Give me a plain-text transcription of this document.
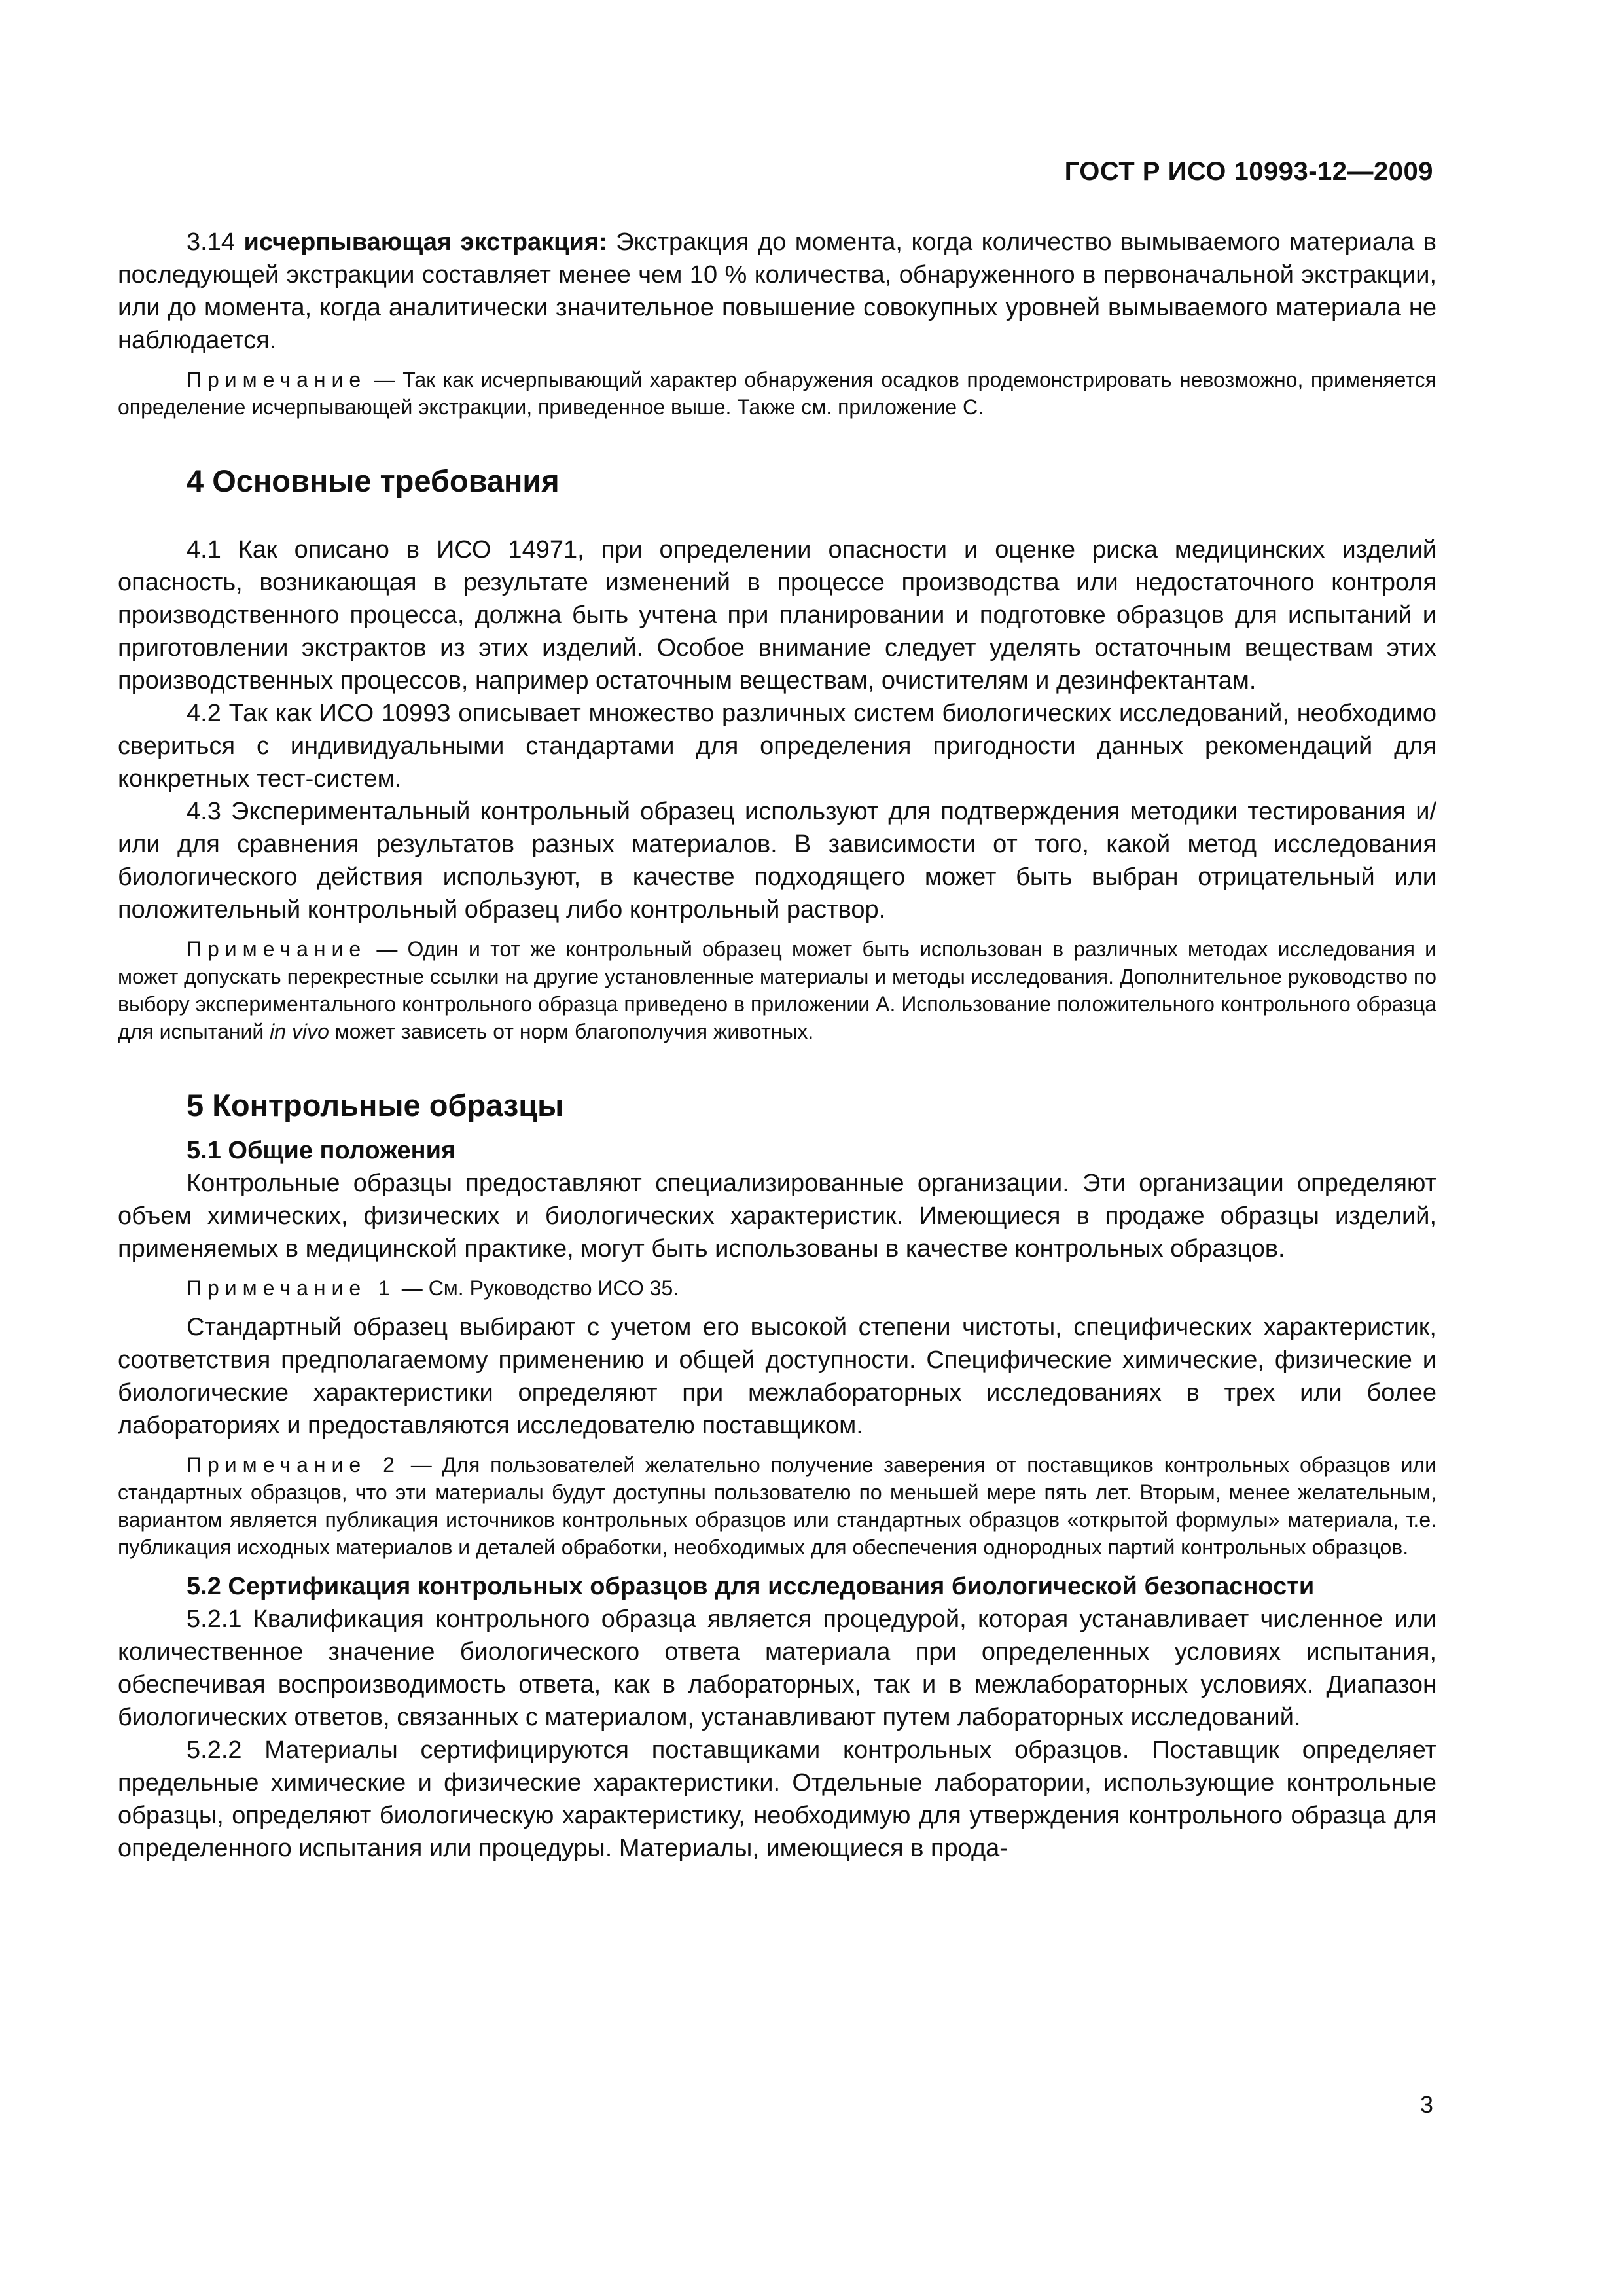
ГОСТ Р ИСО 10993-12—2009

3.14 исчерпывающая экстракция: Экстракция до момента, когда количество вымываемого материала в последующей экстракции составляет менее чем 10 % количества, обнаруженного в первоначальной экстракции, или до момента, когда аналитически значительное повышение совокупных уровней вымываемого материала не наблюдается.

Примечание — Так как исчерпывающий характер обнаружения осадков продемонстрировать невозможно, применяется определение исчерпывающей экстракции, приведенное выше. Также см. приложение С.

4 Основные требования

4.1 Как описано в ИСО 14971, при определении опасности и оценке риска медицинских изделий опасность, возникающая в результате изменений в процессе производства или недостаточного контроля производственного процесса, должна быть учтена при планировании и подготовке образцов для испытаний и приготовлении экстрактов из этих изделий. Особое внимание следует уделять остаточным веществам этих производственных процессов, например остаточным веществам, очистителям и дезинфектантам.

4.2 Так как ИСО 10993 описывает множество различных систем биологических исследований, необходимо свериться с индивидуальными стандартами для определения пригодности данных рекомендаций для конкретных тест-систем.

4.3 Экспериментальный контрольный образец используют для подтверждения методики тестирования и/или для сравнения результатов разных материалов. В зависимости от того, какой метод исследования биологического действия используют, в качестве подходящего может быть выбран отрицательный или положительный контрольный образец либо контрольный раствор.

Примечание — Один и тот же контрольный образец может быть использован в различных методах исследования и может допускать перекрестные ссылки на другие установленные материалы и методы исследования. Дополнительное руководство по выбору экспериментального контрольного образца приведено в приложении А. Использование положительного контрольного образца для испытаний in vivo может зависеть от норм благополучия животных.

5 Контрольные образцы
5.1 Общие положения

Контрольные образцы предоставляют специализированные организации. Эти организации определяют объем химических, физических и биологических характеристик. Имеющиеся в продаже образцы изделий, применяемых в медицинской практике, могут быть использованы в качестве контрольных образцов.

Примечание 1 — См. Руководство ИСО 35.

Стандартный образец выбирают с учетом его высокой степени чистоты, специфических характеристик, соответствия предполагаемому применению и общей доступности. Специфические химические, физические и биологические характеристики определяют при межлабораторных исследованиях в трех или более лабораториях и предоставляются исследователю поставщиком.

Примечание 2 — Для пользователей желательно получение заверения от поставщиков контрольных образцов или стандартных образцов, что эти материалы будут доступны пользователю по меньшей мере пять лет. Вторым, менее желательным, вариантом является публикация источников контрольных образцов или стандартных образцов «открытой формулы» материала, т.е. публикация исходных материалов и деталей обработки, необходимых для обеспечения однородных партий контрольных образцов.

5.2 Сертификация контрольных образцов для исследования биологической безопасности

5.2.1 Квалификация контрольного образца является процедурой, которая устанавливает численное или количественное значение биологического ответа материала при определенных условиях испытания, обеспечивая воспроизводимость ответа, как в лабораторных, так и в межлабораторных условиях. Диапазон биологических ответов, связанных с материалом, устанавливают путем лабораторных исследований.

5.2.2 Материалы сертифицируются поставщиками контрольных образцов. Поставщик определяет предельные химические и физические характеристики. Отдельные лаборатории, использующие контрольные образцы, определяют биологическую характеристику, необходимую для утверждения контрольного образца для определенного испытания или процедуры. Материалы, имеющиеся в прода-

3
